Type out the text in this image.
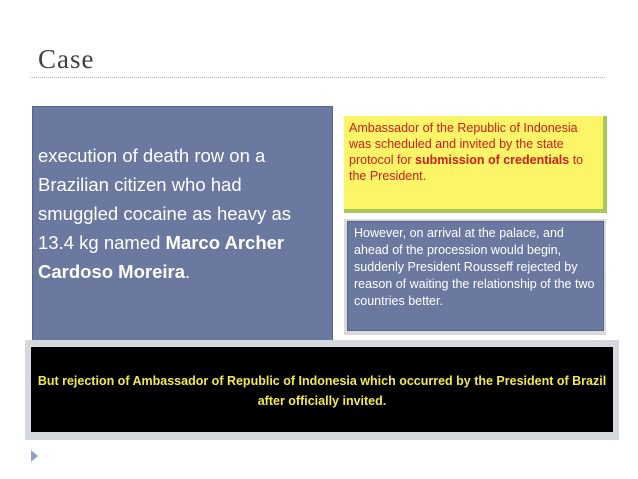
Case
execution of death row on a Brazilian citizen who had smuggled cocaine as heavy as 13.4 kg named Marco Archer Cardoso Moreira.
Ambassador of the Republic of Indonesia was scheduled and invited by the state protocol for submission of credentials to the President.
However, on arrival at the palace, and ahead of the procession would begin, suddenly President Rousseff rejected by reason of waiting the relationship of the two countries better.
But rejection of Ambassador of Republic of Indonesia which occurred by the President of Brazil after officially invited.
